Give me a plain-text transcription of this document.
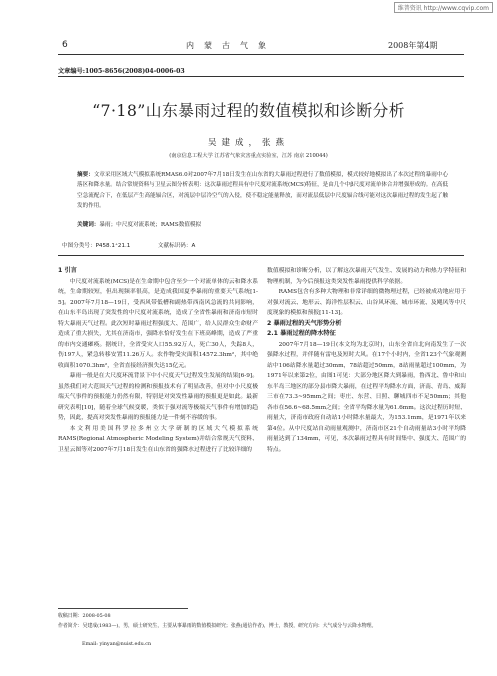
维普资讯 http://www.cqvip.com
6	内蒙古气象	2008年第4期
文章编号:1005-8656(2008)04-0006-03
“7·18”山东暴雨过程的数值模拟和诊断分析
吴建成，张燕
(南京信息工程大学 江苏省气象灾害重点实验室，江苏 南京 210044)
摘要：文章采用区域大气模拟系统RMAS6.0对2007年7月18日发生在山东省的大暴雨过程进行了数值模拟，模式较好地模拟出了本次过程的暴雨中心落区和降水量。结合常规资料与卫星云图分析表明：这次暴雨过程具有中尺度对流系统(MCS)特征，是由几个中β尺度对流单体合并增强形成的。在高低空急流配合下，在低层产生高能辐合区，对流层中层冷空气的入侵，使不稳定能量释放，而对流层低层中尺度辐合线可能对这次暴雨过程的发生起了触发的作用。
关键词：暴雨；中尺度对流系统；RAMS数值模拟
中图分类号：P458.1⁺21.1	文献标识码：A

1 引言

中尺度对流系统(MCS)是在生命期中包含至少一个对流单体的云和降水系统，生命期较短，但出现频率很高，是造成我国夏季暴雨的重要天气系统[1-5]。2007年7月18—19日，受西风带低槽和副热带西南风急流的共同影响，在山东半岛出现了突发性的中尺度对流系统，造成了全省性暴雨和济南市短时特大暴雨天气过程。此次短时暴雨过程强度大、范围广，给人民群众生命财产造成了重大损失，尤其在济南市，强降水恰好发生在下班高峰期，造成了严重的市内交通瘫痪。据统计，全省受灾人口55.92万人，死亡30人，失踪8人，伤197人，紧急转移安置11.26万人。农作物受灾面积14572.3hm²，其中绝收面积1070.3hm²，全省直接经济损失达15亿元。

暴雨一般是在大尺度环流背景下中小尺度天气过程发生发展的结果[6-9]。虽然我们对大范围天气过程的检测和预报技术有了明显改善，但对中小尺度极端天气事件的预报能力仍然有限，特别是对突发性暴雨的预报更是如此。最新研究表明[10]，随着全球气候变暖，类似于强对流等极端天气事件有增加的趋势，因此，提高对突发性暴雨的预报能力是一件刻不容缓的事。

本文利用美国科罗拉多州立大学研制的区域大气模拟系统RAMS(Regional Atmospheric Modeling System)并结合常规天气资料、卫星云图等对2007年7月18日发生在山东省的强降水过程进行了比较详细的

数值模拟和诊断分析，以了解这次暴雨天气发生、发展的动力和热力学特征和物理机制，为今后预报这类突发性暴雨提供科学依据。

RAMS包含有多种大物理和非常详细的微物理过程，已经被成功地应用于对强对流云、地形云、海洋性层积云、山谷风环流、城市环流、及飓风等中尺度现象的模拟和预报[11-13]。

2 暴雨过程的天气形势分析

2.1 暴雨过程的降水特征

2007年7月18—19日(本文均为北京时)，山东全省自北向南发生了一次强降水过程，并伴随有雷电及短时大风。在17个小时内，全省123个气象观测站中106站降水量超过30mm，78站超过50mm，8站雨量超过100mm，为1971年以来第2位，由图1可见：大部分地区降大到暴雨，鲁西北、鲁中和山东半岛三地区的部分县市降大暴雨，在过程平均降水方面，济南、青岛、威海三市在73.3~95mm之间；枣庄、东营、日照、聊城四市不足50mm；其他各市在56.6~68.5mm之间；全省平均降水量为61.6mm。这次过程历时短、雨量大，济南市政府自动站1小时降水量最大，为153.1mm，是1971年以来第4位。从中尺度站自动雨量观测中，济南市区21个自动雨量站3小时平均降雨量达到了134mm，可见，本次暴雨过程具有时间集中、强度大、范围广的特点。

收稿日期：2008-05-08
作者简介：吴建成(1983—)，男，硕士研究生，主要从事暴雨的数值模拟研究；张燕(通信作者)，博士，教授，研究方向：大气成分与云降水物理。
Email: yinyan@nuist.edu.cn
